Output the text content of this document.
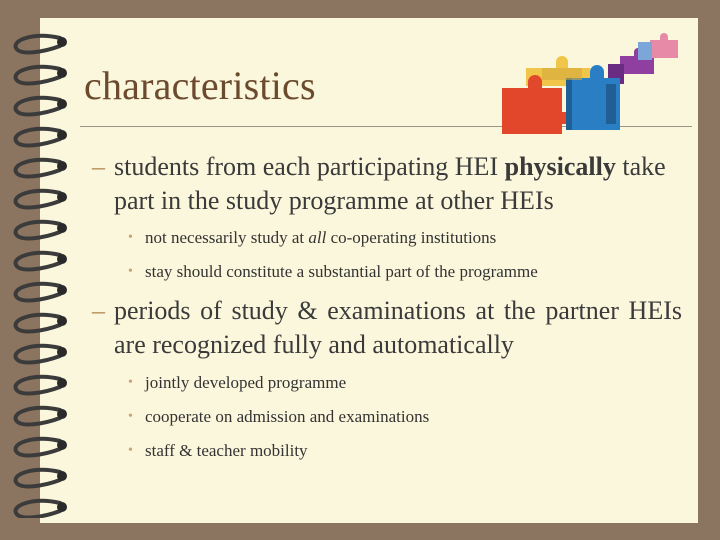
characteristics
– students from each participating HEI physically take part in the study programme at other HEIs
• not necessarily study at all co-operating institutions
• stay should constitute a substantial part of the programme
– periods of study & examinations at the partner HEIs are recognized fully and automatically
• jointly developed programme
• cooperate on admission and examinations
• staff & teacher mobility
